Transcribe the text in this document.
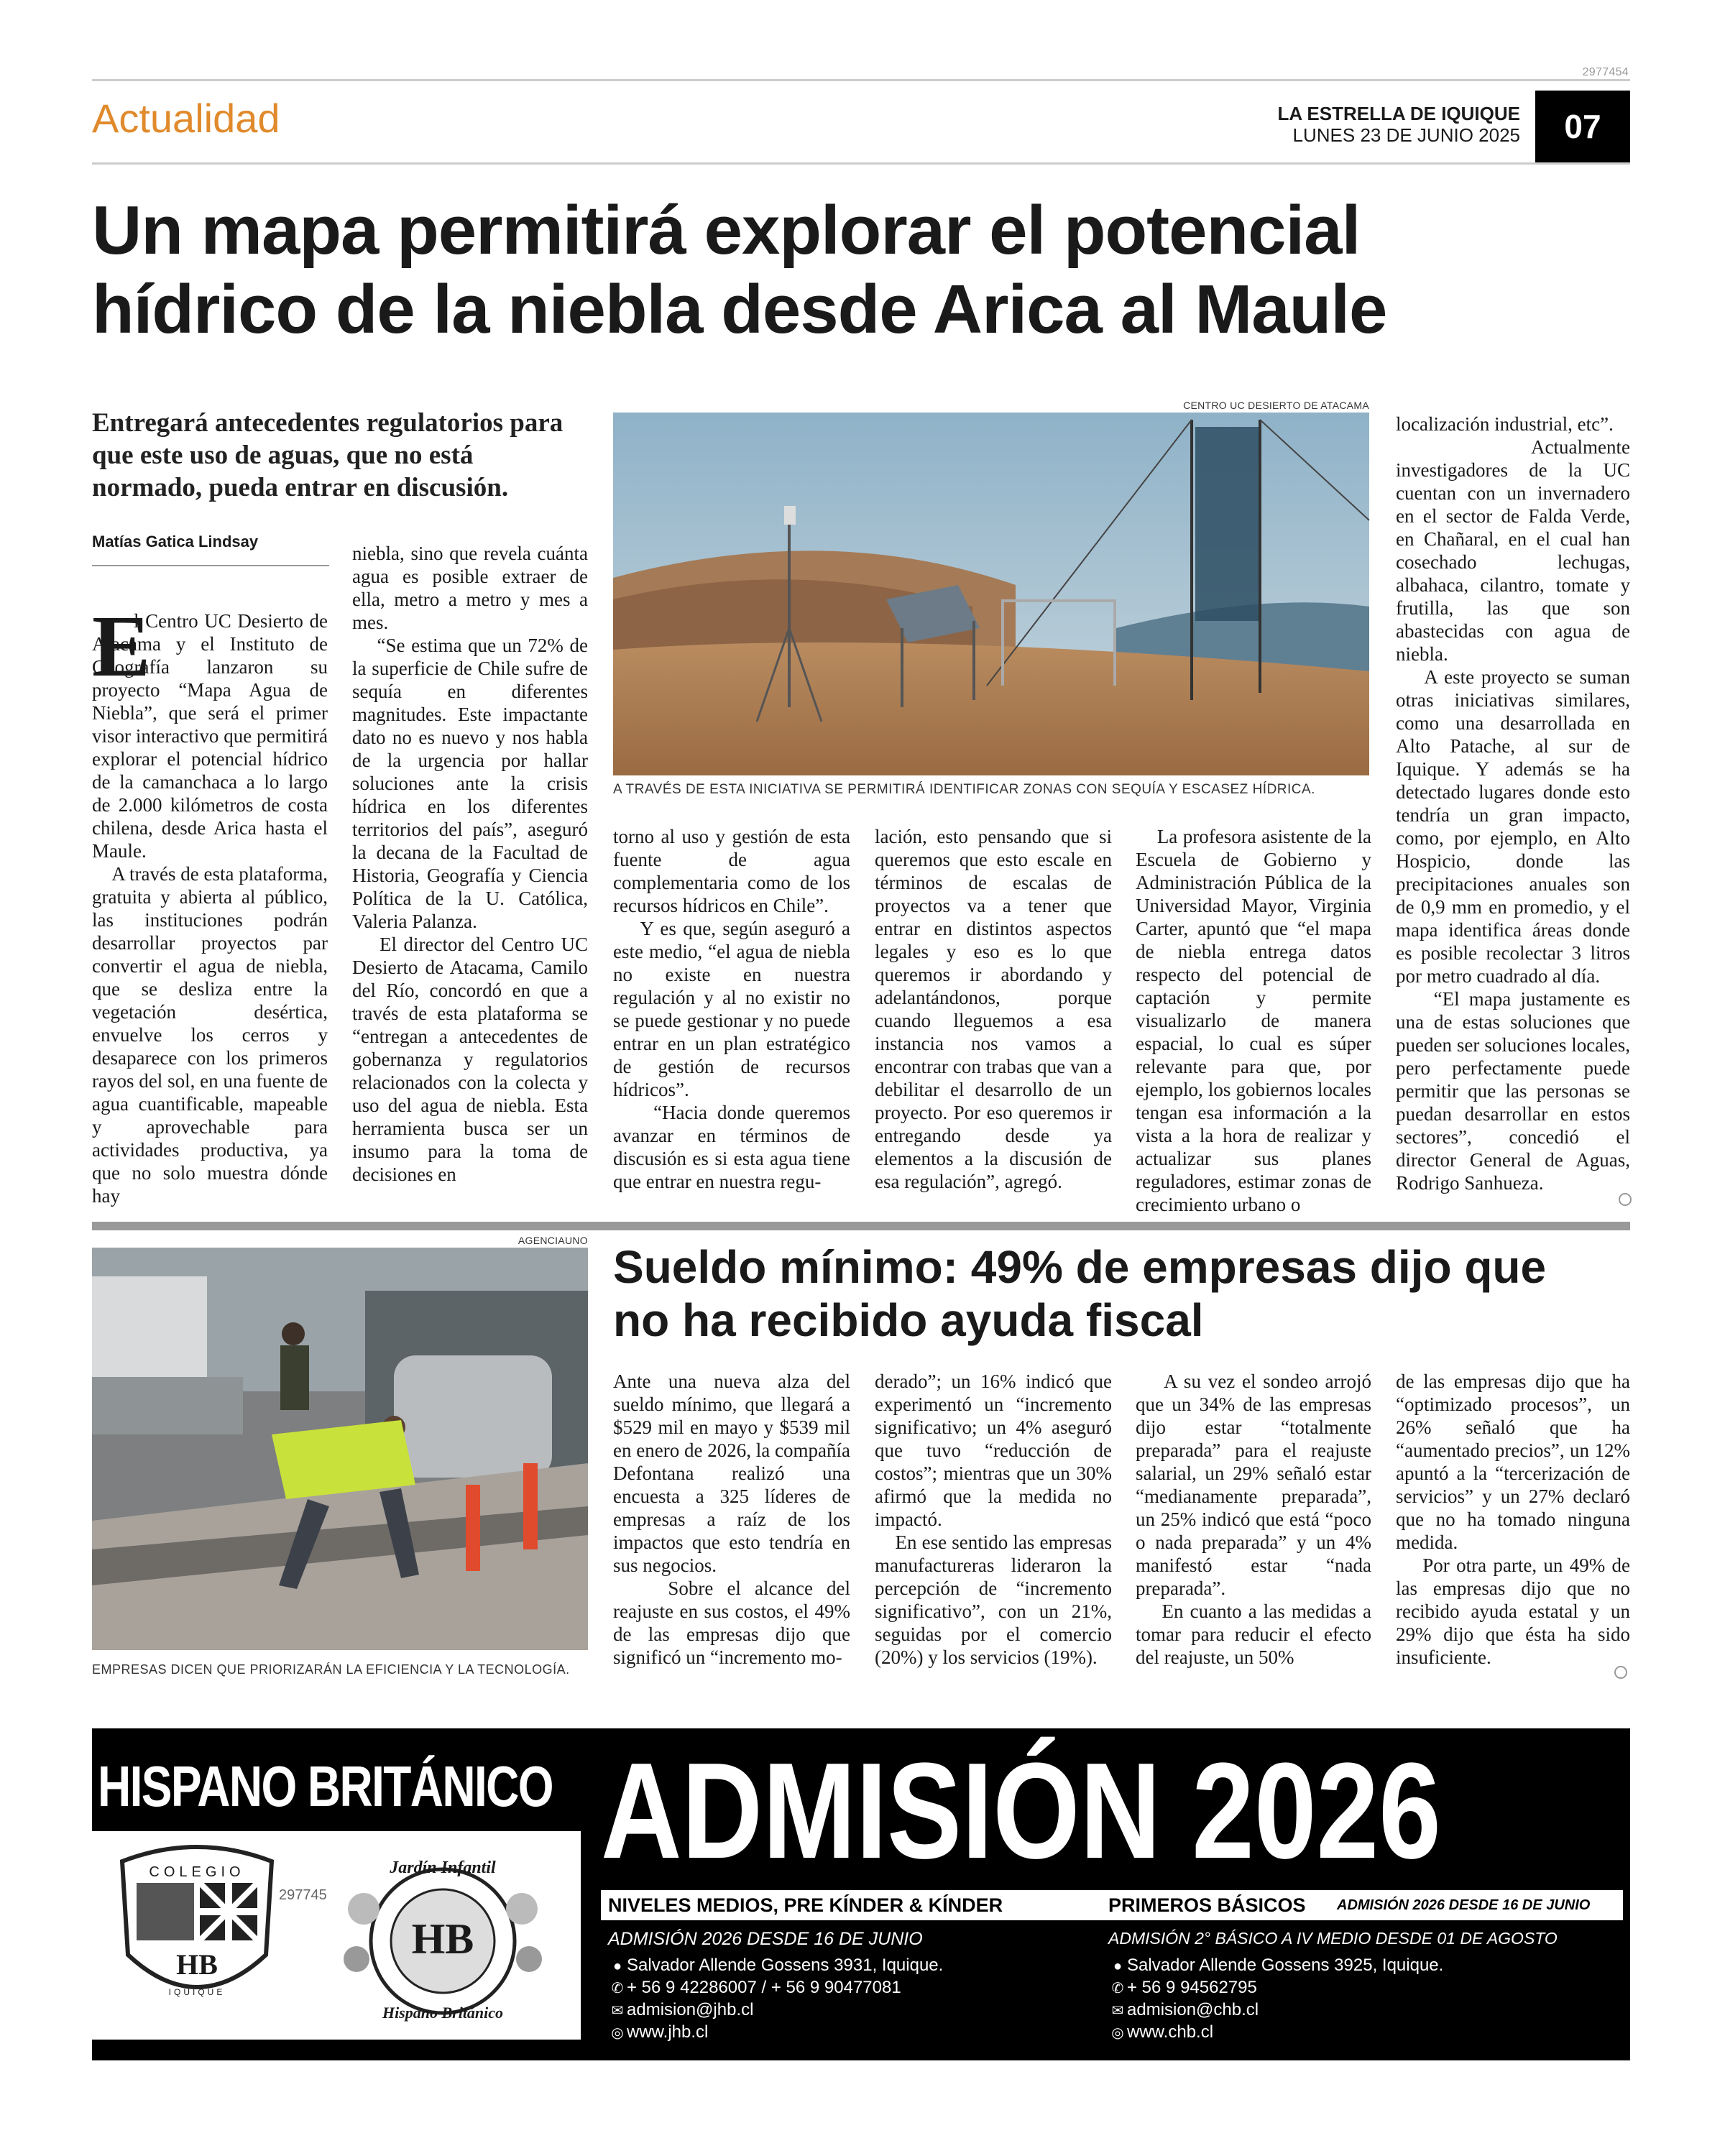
2977454
Actualidad	LA ESTRELLA DE IQUIQUE
LUNES 23 DE JUNIO 2025	07
Un mapa permitirá explorar el potencial
hídrico de la niebla desde Arica al Maule
Entregará antecedentes regulatorios para que este uso de aguas, que no está normado, pueda entrar en discusión.
Matías Gatica Lindsay
CENTRO UC DESIERTO DE ATACAMA
A TRAVÉS DE ESTA INICIATIVA SE PERMITIRÁ IDENTIFICAR ZONAS CON SEQUÍA Y ESCASEZ HÍDRICA.
E
l Centro UC Desierto de Atacama y el Instituto de Geografía lanzaron su proyecto “Mapa Agua de Niebla”, que será el primer visor interactivo que permitirá explorar el potencial hídrico de la camanchaca a lo largo de 2.000 kilómetros de costa chilena, desde Arica hasta el Maule.
A través de esta plataforma, gratuita y abierta al público, las instituciones podrán desarrollar proyectos par convertir el agua de niebla, que se desliza entre la vegetación desértica, envuelve los cerros y desaparece con los primeros rayos del sol, en una fuente de agua cuantificable, mapeable y aprovechable para actividades productiva, ya que no solo muestra dónde hay
niebla, sino que revela cuánta agua es posible extraer de ella, metro a metro y mes a mes.
“Se estima que un 72% de la superficie de Chile sufre de sequía en diferentes magnitudes. Este impactante dato no es nuevo y nos habla de la urgencia por hallar soluciones ante la crisis hídrica en los diferentes territorios del país”, aseguró la decana de la Facultad de Historia, Geografía y Ciencia Política de la U. Católica, Valeria Palanza.
El director del Centro UC Desierto de Atacama, Camilo del Río, concordó en que a través de esta plataforma se “entregan a antecedentes de gobernanza y regulatorios relacionados con la colecta y uso del agua de niebla. Esta herramienta busca ser un insumo para la toma de decisiones en
torno al uso y gestión de esta fuente de agua complementaria como de los recursos hídricos en Chile”.
Y es que, según aseguró a este medio, “el agua de niebla no existe en nuestra regulación y al no existir no se puede gestionar y no puede entrar en un plan estratégico de gestión de recursos hídricos”.
“Hacia donde queremos avanzar en términos de discusión es si esta agua tiene que entrar en nuestra regu-
lación, esto pensando que si queremos que esto escale en términos de escalas de proyectos va a tener que entrar en distintos aspectos legales y eso es lo que queremos ir abordando y adelantándonos, porque cuando lleguemos a esa instancia nos vamos a encontrar con trabas que van a debilitar el desarrollo de un proyecto. Por eso queremos ir entregando desde ya elementos a la discusión de esa regulación”, agregó.
La profesora asistente de la Escuela de Gobierno y Administración Pública de la Universidad Mayor, Virginia Carter, apuntó que “el mapa de niebla entrega datos respecto del potencial de captación y permite visualizarlo de manera espacial, lo cual es súper relevante para que, por ejemplo, los gobiernos locales tengan esa información a la vista a la hora de realizar y actualizar sus planes reguladores, estimar zonas de crecimiento urbano o
localización industrial, etc”.
Actualmente investigadores de la UC cuentan con un invernadero en el sector de Falda Verde, en Chañaral, en el cual han cosechado lechugas, albahaca, cilantro, tomate y frutilla, las que son abastecidas con agua de niebla.
A este proyecto se suman otras iniciativas similares, como una desarrollada en Alto Patache, al sur de Iquique. Y además se ha detectado lugares donde esto tendría un gran impacto, como, por ejemplo, en Alto Hospicio, donde las precipitaciones anuales son de 0,9 mm en promedio, y el mapa identifica áreas donde es posible recolectar 3 litros por metro cuadrado al día.
“El mapa justamente es una de estas soluciones que pueden ser soluciones locales, pero perfectamente puede permitir que las personas se puedan desarrollar en estos sectores”, concedió el director General de Aguas, Rodrigo Sanhueza.
AGENCIAUNO
EMPRESAS DICEN QUE PRIORIZARÁN LA EFICIENCIA Y LA TECNOLOGÍA.
Sueldo mínimo: 49% de empresas dijo que
no ha recibido ayuda fiscal
Ante una nueva alza del sueldo mínimo, que llegará a $529 mil en mayo y $539 mil en enero de 2026, la compañía Defontana realizó una encuesta a 325 líderes de empresas a raíz de los impactos que esto tendría en sus negocios.
Sobre el alcance del reajuste en sus costos, el 49% de las empresas dijo que significó un “incremento mo-
derado”; un 16% indicó que experimentó un “incremento significativo; un 4% aseguró que tuvo “reducción de costos”; mientras que un 30% afirmó que la medida no impactó.
En ese sentido las empresas manufactureras lideraron la percepción de “incremento significativo”, con un 21%, seguidas por el comercio (20%) y los servicios (19%).
A su vez el sondeo arrojó que un 34% de las empresas dijo estar “totalmente preparada” para el reajuste salarial, un 29% señaló estar “medianamente preparada”, un 25% indicó que está “poco o nada preparada” y un 4% manifestó estar “nada preparada”.
En cuanto a las medidas a tomar para reducir el efecto del reajuste, un 50%
de las empresas dijo que ha “optimizado procesos”, un 26% señaló que ha “aumentado precios”, un 12% apuntó a la “tercerización de servicios” y un 27% declaró que no ha tomado ninguna medida.
Por otra parte, un 49% de las empresas dijo que no recibido ayuda estatal y un 29% dijo que ésta ha sido insuficiente.
HISPANO BRITÁNICO ADMISIÓN 2026
COLEGIO
HB
IQUIQUE
297745
Jardín Infantil
HB
Hispano Británico
NIVELES MEDIOS, PRE KÍNDER & KÍNDER	PRIMEROS BÁSICOS ADMISIÓN 2026 DESDE 16 DE JUNIO
ADMISIÓN 2026 DESDE 16 DE JUNIO
● Salvador Allende Gossens 3931, Iquique.
✆ + 56 9 42286007 / + 56 9 90477081
✉ admision@jhb.cl
◎ www.jhb.cl
ADMISIÓN 2° BÁSICO A IV MEDIO DESDE 01 DE AGOSTO
● Salvador Allende Gossens 3925, Iquique.
✆ + 56 9 94562795
✉ admision@chb.cl
◎ www.chb.cl
